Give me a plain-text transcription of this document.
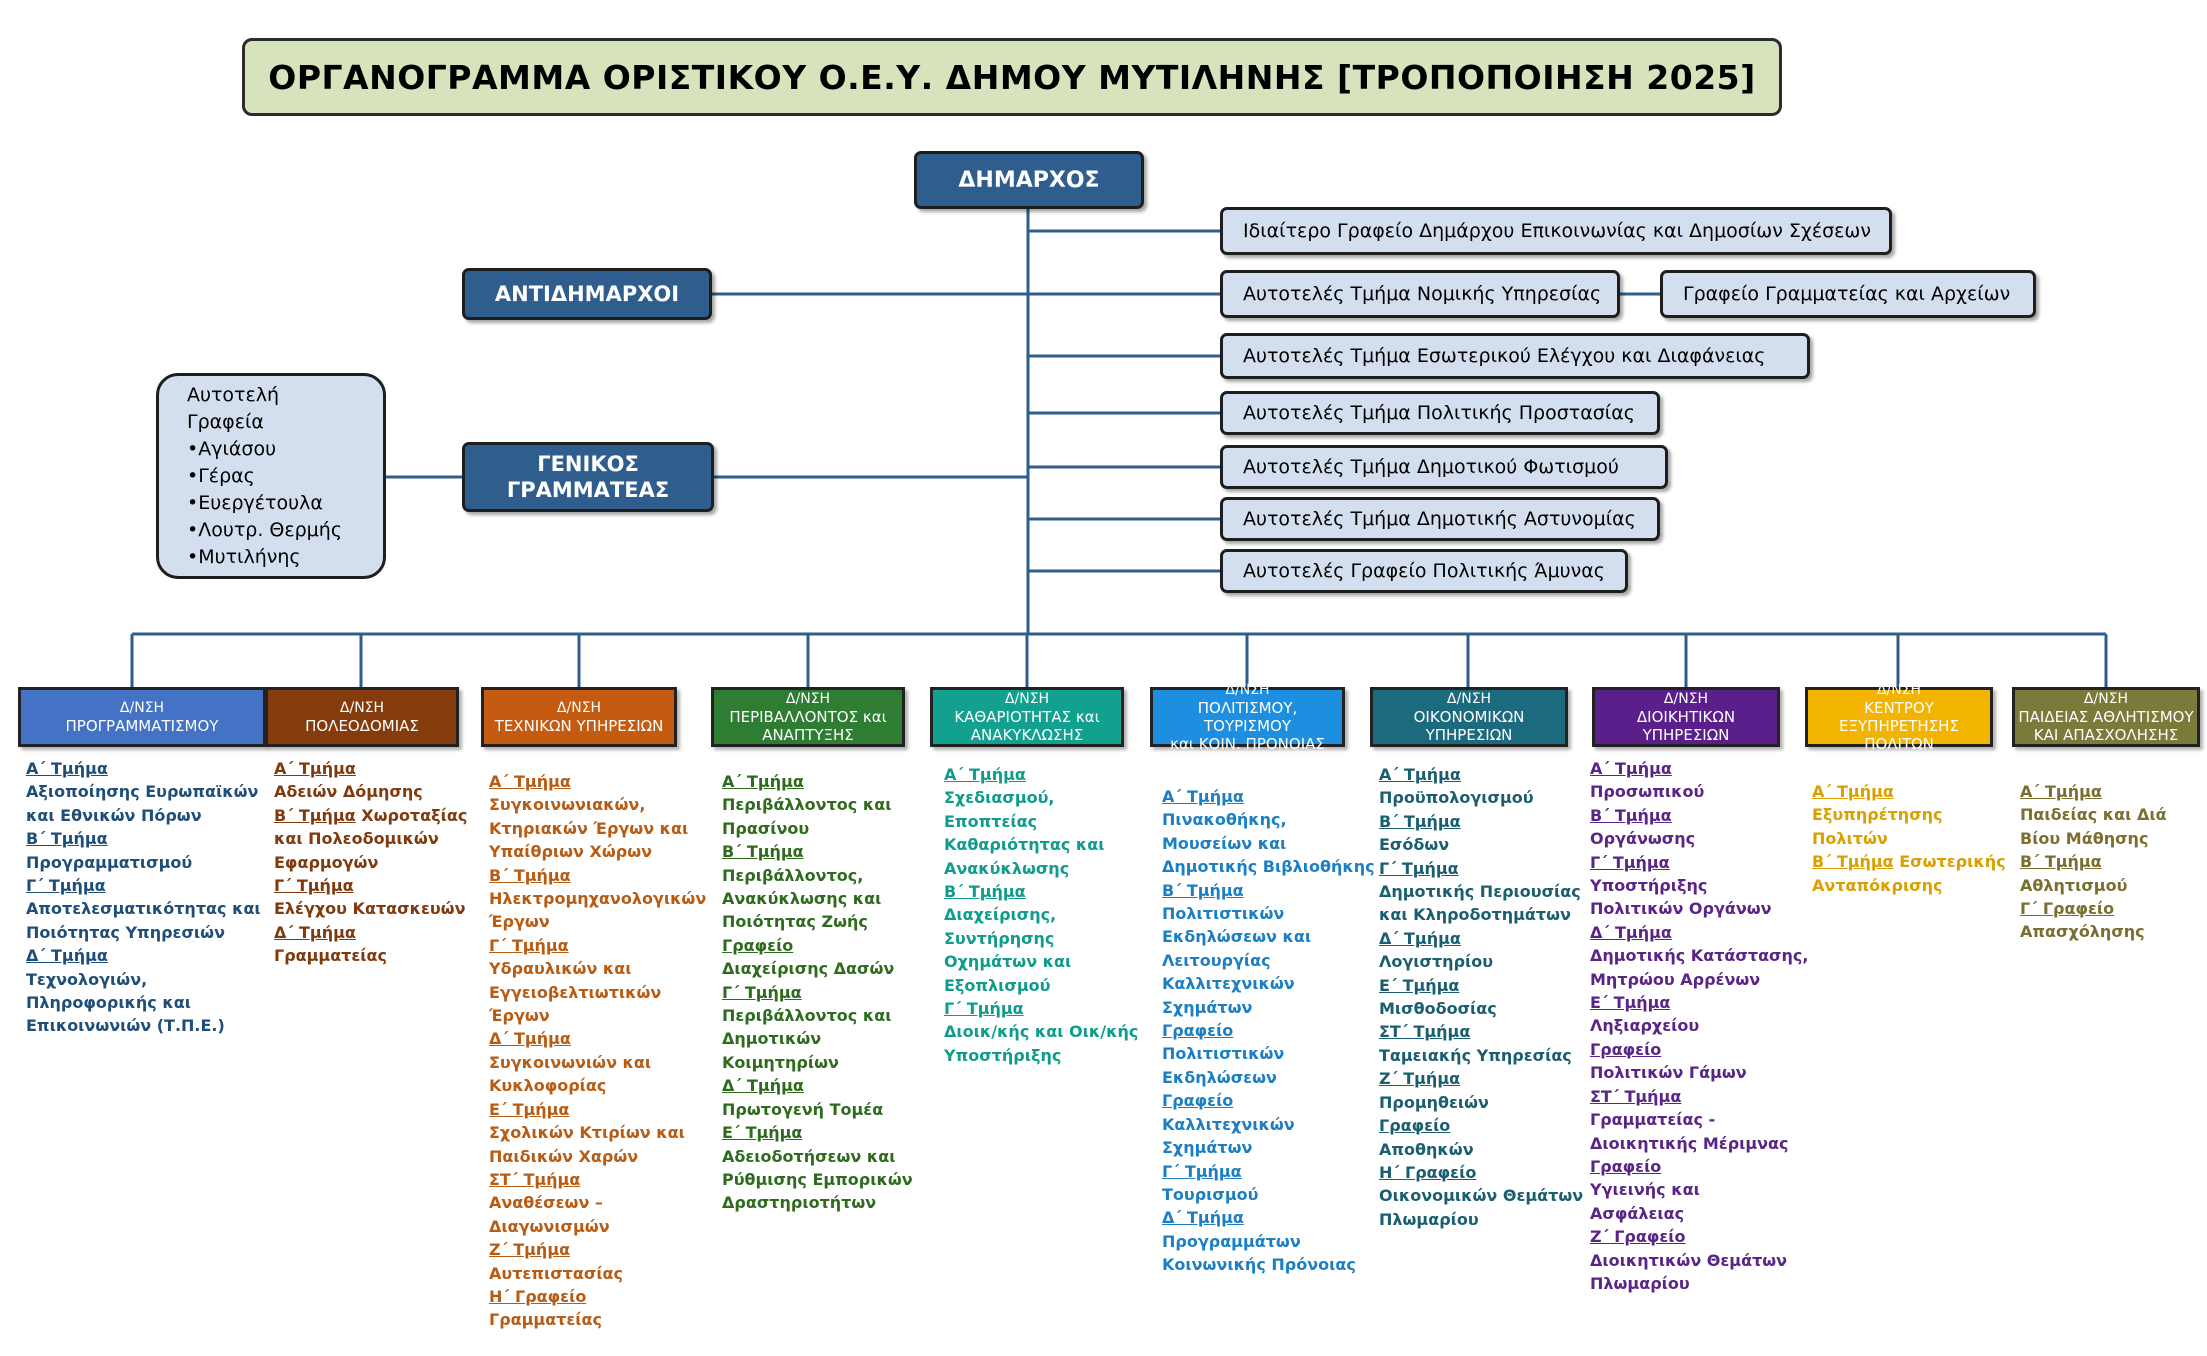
ΟΡΓΑΝΟΓΡΑΜΜΑ ΟΡΙΣΤΙΚΟΥ Ο.Ε.Υ. ΔΗΜΟΥ ΜΥΤΙΛΗΝΗΣ [ΤΡΟΠΟΠΟΙΗΣΗ 2025]
ΔΗΜΑΡΧΟΣ
ΑΝΤΙΔΗΜΑΡΧΟΙ
ΓΕΝΙΚΟΣ
ΓΡΑΜΜΑΤΕΑΣ
Αυτοτελή
Γραφεία
•Αγιάσου
•Γέρας
•Ευεργέτουλα
•Λουτρ. Θερμής
•Μυτιλήνης
Ιδιαίτερο Γραφείο Δημάρχου Επικοινωνίας και Δημοσίων Σχέσεων
Αυτοτελές Τμήμα Νομικής Υπηρεσίας	Γραφείο Γραμματείας και Αρχείων
Αυτοτελές Τμήμα Εσωτερικού Ελέγχου και Διαφάνειας
Αυτοτελές Τμήμα Πολιτικής Προστασίας
Αυτοτελές Τμήμα Δημοτικού Φωτισμού
Αυτοτελές Τμήμα Δημοτικής Αστυνομίας
Αυτοτελές Γραφείο Πολιτικής Άμυνας
Δ/ΝΣΗ
ΠΡΟΓΡΑΜΜΑΤΙΣΜΟΥ
Α΄ Τμήμα
Αξιοποίησης Ευρωπαϊκών
και Εθνικών Πόρων
Β΄ Τμήμα
Προγραμματισμού
Γ΄ Τμήμα
Αποτελεσματικότητας και
Ποιότητας Υπηρεσιών
Δ΄ Τμήμα
Τεχνολογιών,
Πληροφορικής και
Επικοινωνιών (Τ.Π.Ε.)
Δ/ΝΣΗ
ΠΟΛΕΟΔΟΜΙΑΣ
Α΄ Τμήμα
Αδειών Δόμησης
Β΄ Τμήμα Χωροταξίας
και Πολεοδομικών
Εφαρμογών
Γ΄ Τμήμα
Ελέγχου Κατασκευών
Δ΄ Τμήμα
Γραμματείας
Δ/ΝΣΗ
ΤΕΧΝΙΚΩΝ ΥΠΗΡΕΣΙΩΝ
Α΄ Τμήμα
Συγκοινωνιακών,
Κτηριακών Έργων και
Υπαίθριων Χώρων
Β΄ Τμήμα
Ηλεκτρομηχανολογικών
Έργων
Γ΄ Τμήμα
Υδραυλικών και
Εγγειοβελτιωτικών
Έργων
Δ΄ Τμήμα
Συγκοινωνιών και
Κυκλοφορίας
Ε΄ Τμήμα
Σχολικών Κτιρίων και
Παιδικών Χαρών
ΣΤ΄ Τμήμα
Αναθέσεων –
Διαγωνισμών
Ζ΄ Τμήμα
Αυτεπιστασίας
Η΄ Γραφείο
Γραμματείας
Δ/ΝΣΗ
ΠΕΡΙΒΑΛΛΟΝΤΟΣ και
ΑΝΑΠΤΥΞΗΣ
Α΄ Τμήμα
Περιβάλλοντος και
Πρασίνου
Β΄ Τμήμα
Περιβάλλοντος,
Ανακύκλωσης και
Ποιότητας Ζωής
Γραφείο
Διαχείρισης Δασών
Γ΄ Τμήμα
Περιβάλλοντος και
Δημοτικών
Κοιμητηρίων
Δ΄ Τμήμα
Πρωτογενή Τομέα
Ε΄ Τμήμα
Αδειοδοτήσεων και
Ρύθμισης Εμπορικών
Δραστηριοτήτων
Δ/ΝΣΗ
ΚΑΘΑΡΙΟΤΗΤΑΣ και
ΑΝΑΚΥΚΛΩΣΗΣ
Α΄ Τμήμα
Σχεδιασμού,
Εποπτείας
Καθαριότητας και
Ανακύκλωσης
Β΄ Τμήμα
Διαχείρισης,
Συντήρησης
Οχημάτων και
Εξοπλισμού
Γ΄ Τμήμα
Διοικ/κής και Οικ/κής
Υποστήριξης
Δ/ΝΣΗ
ΠΟΛΙΤΙΣΜΟΥ, ΤΟΥΡΙΣΜΟΥ
και ΚΟΙΝ. ΠΡΟΝΟΙΑΣ
Α΄ Τμήμα
Πινακοθήκης,
Μουσείων και
Δημοτικής Βιβλιοθήκης
Β΄ Τμήμα
Πολιτιστικών
Εκδηλώσεων και
Λειτουργίας
Καλλιτεχνικών
Σχημάτων
Γραφείο
Πολιτιστικών
Εκδηλώσεων
Γραφείο
Καλλιτεχνικών
Σχημάτων
Γ΄ Τμήμα
Τουρισμού
Δ΄ Τμήμα
Προγραμμάτων
Κοινωνικής Πρόνοιας
Δ/ΝΣΗ
ΟΙΚΟΝΟΜΙΚΩΝ ΥΠΗΡΕΣΙΩΝ
Α΄ Τμήμα
Προϋπολογισμού
Β΄ Τμήμα
Εσόδων
Γ΄ Τμήμα
Δημοτικής Περιουσίας
και Κληροδοτημάτων
Δ΄ Τμήμα
Λογιστηρίου
Ε΄ Τμήμα
Μισθοδοσίας
ΣΤ΄ Τμήμα
Ταμειακής Υπηρεσίας
Ζ΄ Τμήμα
Προμηθειών
Γραφείο
Αποθηκών
Η΄ Γραφείο
Οικονομικών Θεμάτων
Πλωμαρίου
Δ/ΝΣΗ
ΔΙΟΙΚΗΤΙΚΩΝ ΥΠΗΡΕΣΙΩΝ
Α΄ Τμήμα
Προσωπικού
Β΄ Τμήμα
Οργάνωσης
Γ΄ Τμήμα
Υποστήριξης
Πολιτικών Οργάνων
Δ΄ Τμήμα
Δημοτικής Κατάστασης,
Μητρώου Αρρένων
Ε΄ Τμήμα
Ληξιαρχείου
Γραφείο
Πολιτικών Γάμων
ΣΤ΄ Τμήμα
Γραμματείας -
Διοικητικής Μέριμνας
Γραφείο
Υγιεινής και
Ασφάλειας
Ζ΄ Γραφείο
Διοικητικών Θεμάτων
Πλωμαρίου
Δ/ΝΣΗ
ΚΕΝΤΡΟΥ ΕΞΥΠΗΡΕΤΗΣΗΣ
ΠΟΛΙΤΩΝ
Α΄ Τμήμα
Εξυπηρέτησης
Πολιτών
Β΄ Τμήμα Εσωτερικής
Ανταπόκρισης
Δ/ΝΣΗ
ΠΑΙΔΕΙΑΣ ΑΘΛΗΤΙΣΜΟΥ
ΚΑΙ ΑΠΑΣΧΟΛΗΣΗΣ
Α΄ Τμήμα
Παιδείας και Διά
Βίου Μάθησης
Β΄ Τμήμα
Αθλητισμού
Γ΄ Γραφείο
Απασχόλησης
